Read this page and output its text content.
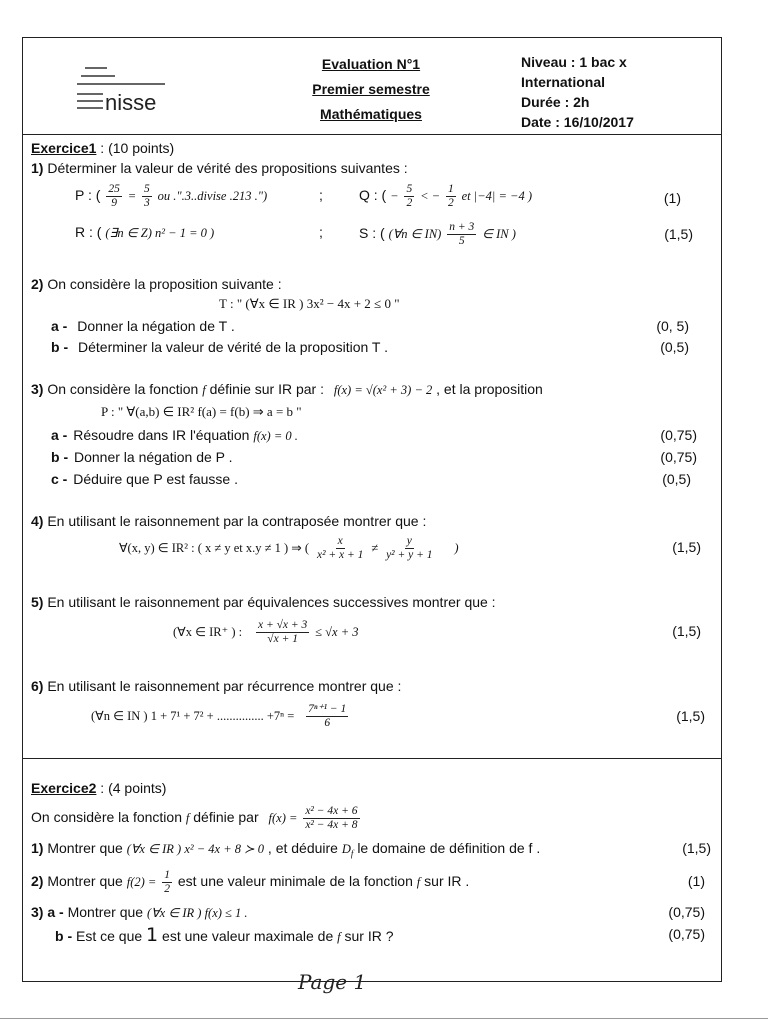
nisse
Evaluation N°1
Premier semestre
Mathématiques
Niveau : 1 bac x
International
Durée : 2h
Date : 16/10/2017
Exercice1 : (10 points)
1) Déterminer la valeur de vérité des propositions suivantes :
P : ( $\frac{25}{9} = \frac{5}{3}$ ou .".3..divise .213 .")	;	Q : ( − $\frac{5}{2}$ < − $\frac{1}{2}$ et |−4| = −4 )	(1)
R : ( (∃n ∈ Z) n² − 1 = 0 )	;	S : ( (∀n ∈ $IN) \frac{n + 3}{5}$ ∈ IN )	(1,5)
2) On considère la proposition suivante :
T : " (∀x ∈ IR ) 3x² − 4x + 2 ≤ 0 "
a - Donner la négation de T .	(0, 5)
b - Déterminer la valeur de vérité de la proposition T .	(0,5)
3) On considère la fonction f définie sur IR par : f(x) = √(x² + 3) − 2 , et la proposition
P : " ∀(a,b) ∈ IR² f(a) = f(b) ⇒ a = b "
a - Résoudre dans IR l'équation f(x) = 0 .	(0,75)
b - Donner la négation de P .	(0,75)
c - Déduire que P est fausse .	(0,5)
4) En utilisant le raisonnement par la contraposée montrer que :
∀(x, y) ∈ IR² : ( x ≠ y et x.y ≠ 1 ) ⇒ ( $\frac{x}{\text{x² + x + 1}} \ne \frac{y}{\text{y² + y + 1}}$ )	(1,5)
5) En utilisant le raisonnement par équivalences successives montrer que :
(∀x ∈ IR⁺ ) : $\frac{x + √x + 3}{√x + 1} \le √x + 3$	(1,5)
6) En utilisant le raisonnement par récurrence montrer que :
(∀n ∈ IN ) 1 + 7¹ + 7² + ............... $+7^n = \frac{\text{7ⁿ⁺¹ − 1}}{6}$	(1,5)
Exercice2 : (4 points)
On considère la fonction f définie par $f(x) = \frac{\text{x² − 4x + 6}}{\text{x² − 4x + 8}}$
1) Montrer que (∀x ∈ IR ) x² − 4x + 8 ≻ 0 , et déduire $D_f$ le domaine de définition de f .	(1,5)
2) Montrer que $f(2) = \frac{1}{2}$ est une valeur minimale de la fonction f sur IR .	(1)
3) a - Montrer que (∀x ∈ IR ) f(x) ≤ 1 .	(0,75)
b - Est ce que 1 est une valeur maximale de f sur IR ?	(0,75)
Page 1
